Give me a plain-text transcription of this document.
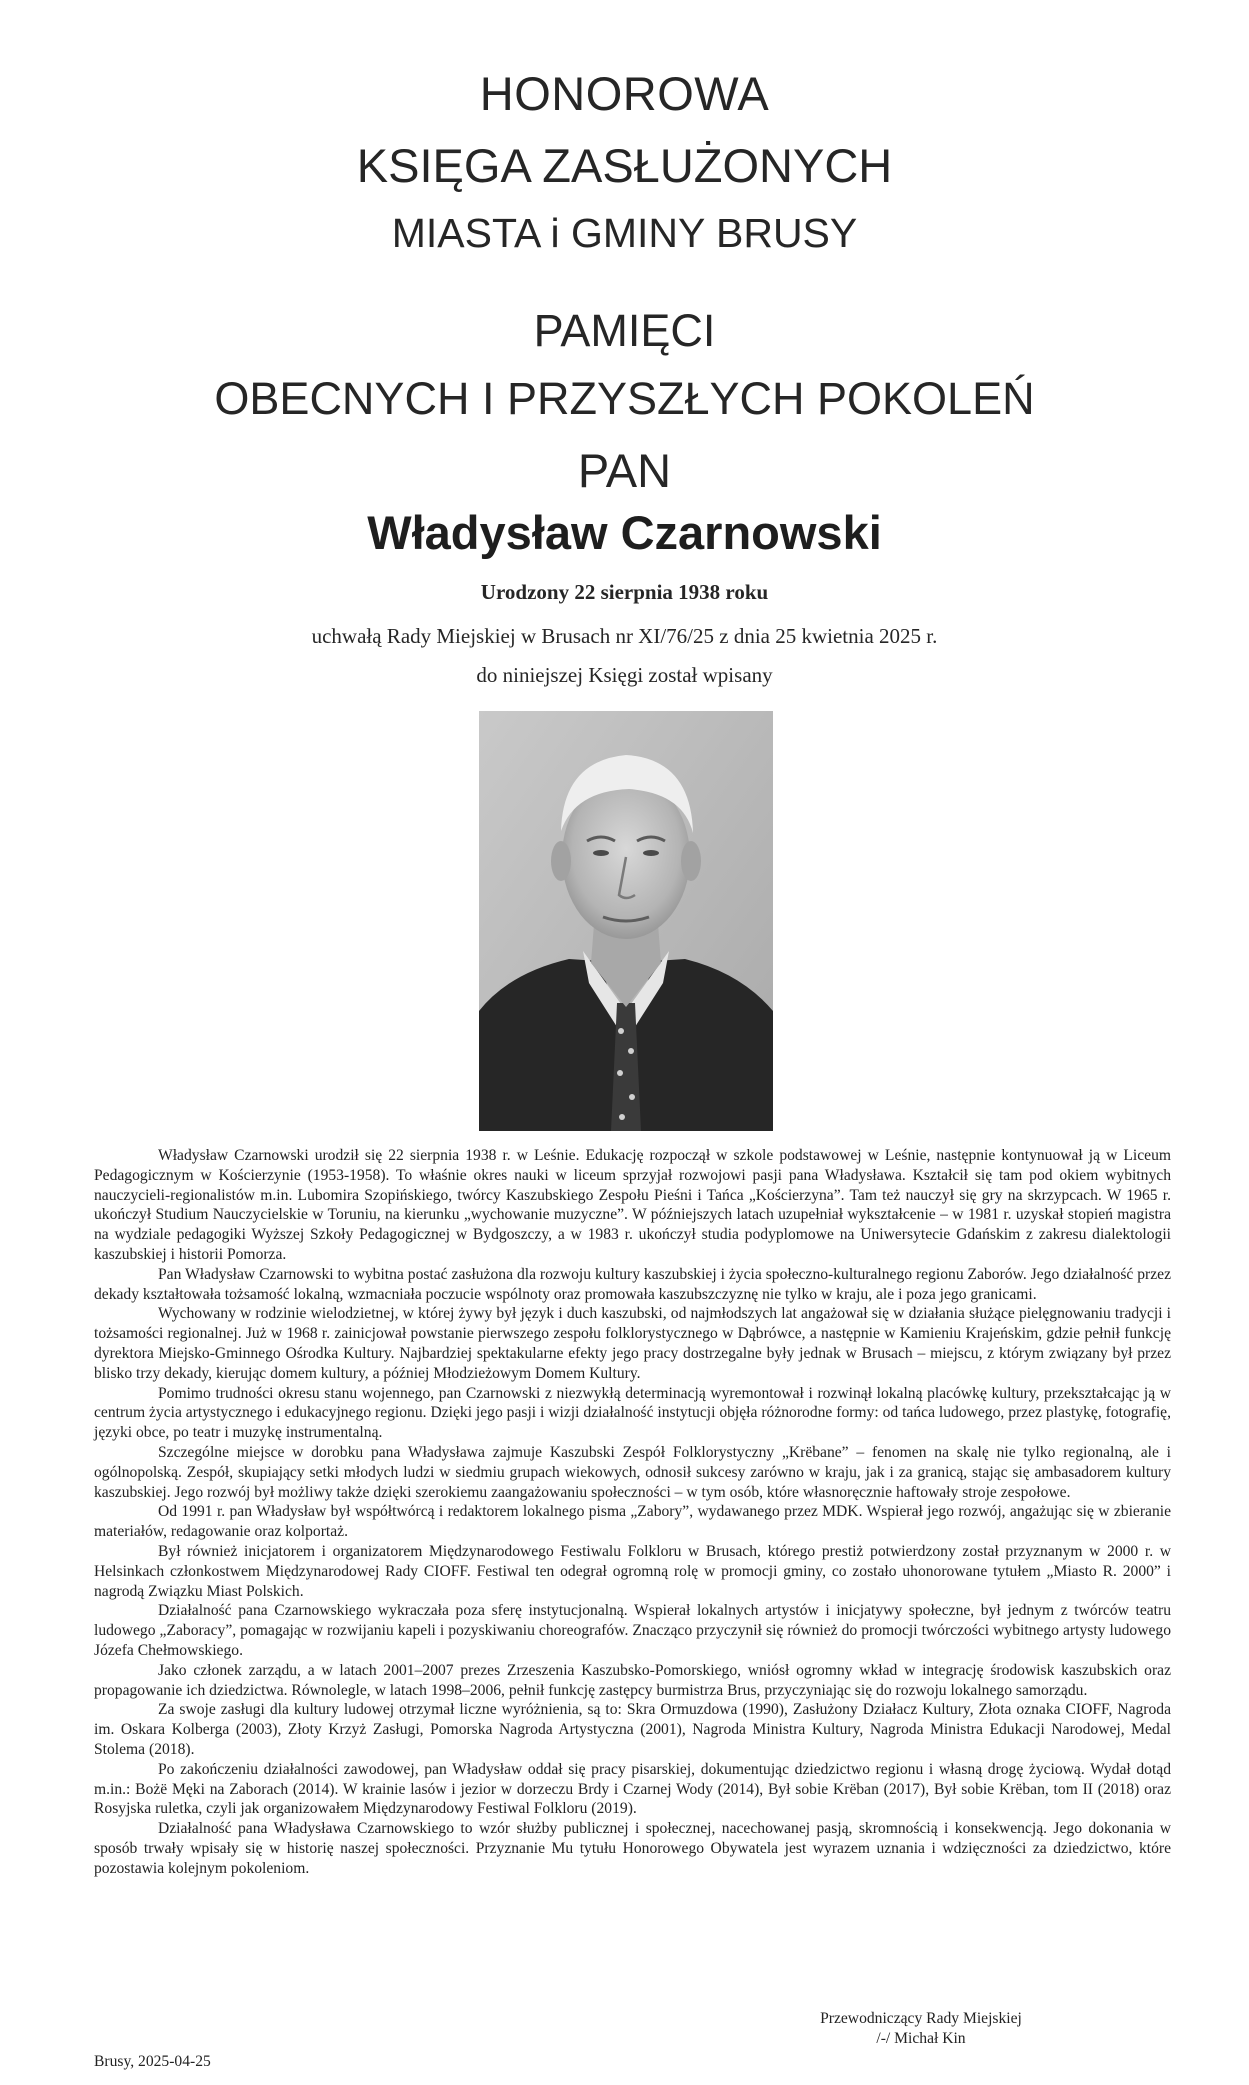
HONOROWA
KSIĘGA ZASŁUŻONYCH
MIASTA i GMINY BRUSY
PAMIĘCI
OBECNYCH I PRZYSZŁYCH POKOLEŃ
PAN
Władysław Czarnowski
Urodzony 22 sierpnia 1938 roku
uchwałą Rady Miejskiej w Brusach nr XI/76/25 z dnia 25 kwietnia 2025 r.
do niniejszej Księgi został wpisany

Władysław Czarnowski urodził się 22 sierpnia 1938 r. w Leśnie. Edukację rozpoczął w szkole podstawowej w Leśnie, następnie kontynuował ją w Liceum Pedagogicznym w Kościerzynie (1953-1958). To właśnie okres nauki w liceum sprzyjał rozwojowi pasji pana Władysława. Kształcił się tam pod okiem wybitnych nauczycieli-regionalistów m.in. Lubomira Szopińskiego, twórcy Kaszubskiego Zespołu Pieśni i Tańca „Kościerzyna”. Tam też nauczył się gry na skrzypcach. W 1965 r. ukończył Studium Nauczycielskie w Toruniu, na kierunku „wychowanie muzyczne”. W późniejszych latach uzupełniał wykształcenie – w 1981 r. uzyskał stopień magistra na wydziale pedagogiki Wyższej Szkoły Pedagogicznej w Bydgoszczy, a w 1983 r. ukończył studia podyplomowe na Uniwersytecie Gdańskim z zakresu dialektologii kaszubskiej i historii Pomorza.

Pan Władysław Czarnowski to wybitna postać zasłużona dla rozwoju kultury kaszubskiej i życia społeczno-kulturalnego regionu Zaborów. Jego działalność przez dekady kształtowała tożsamość lokalną, wzmacniała poczucie wspólnoty oraz promowała kaszubszczyznę nie tylko w kraju, ale i poza jego granicami.

Wychowany w rodzinie wielodzietnej, w której żywy był język i duch kaszubski, od najmłodszych lat angażował się w działania służące pielęgnowaniu tradycji i tożsamości regionalnej. Już w 1968 r. zainicjował powstanie pierwszego zespołu folklorystycznego w Dąbrówce, a następnie w Kamieniu Krajeńskim, gdzie pełnił funkcję dyrektora Miejsko-Gminnego Ośrodka Kultury. Najbardziej spektakularne efekty jego pracy dostrzegalne były jednak w Brusach – miejscu, z którym związany był przez blisko trzy dekady, kierując domem kultury, a później Młodzieżowym Domem Kultury.

Pomimo trudności okresu stanu wojennego, pan Czarnowski z niezwykłą determinacją wyremontował i rozwinął lokalną placówkę kultury, przekształcając ją w centrum życia artystycznego i edukacyjnego regionu. Dzięki jego pasji i wizji działalność instytucji objęła różnorodne formy: od tańca ludowego, przez plastykę, fotografię, języki obce, po teatr i muzykę instrumentalną.

Szczególne miejsce w dorobku pana Władysława zajmuje Kaszubski Zespół Folklorystyczny „Krëbane” – fenomen na skalę nie tylko regionalną, ale i ogólnopolską. Zespół, skupiający setki młodych ludzi w siedmiu grupach wiekowych, odnosił sukcesy zarówno w kraju, jak i za granicą, stając się ambasadorem kultury kaszubskiej. Jego rozwój był możliwy także dzięki szerokiemu zaangażowaniu społeczności – w tym osób, które własnoręcznie haftowały stroje zespołowe.

Od 1991 r. pan Władysław był współtwórcą i redaktorem lokalnego pisma „Zabory”, wydawanego przez MDK. Wspierał jego rozwój, angażując się w zbieranie materiałów, redagowanie oraz kolportaż.

Był również inicjatorem i organizatorem Międzynarodowego Festiwalu Folkloru w Brusach, którego prestiż potwierdzony został przyznanym w 2000 r. w Helsinkach członkostwem Międzynarodowej Rady CIOFF. Festiwal ten odegrał ogromną rolę w promocji gminy, co zostało uhonorowane tytułem „Miasto R. 2000” i nagrodą Związku Miast Polskich.

Działalność pana Czarnowskiego wykraczała poza sferę instytucjonalną. Wspierał lokalnych artystów i inicjatywy społeczne, był jednym z twórców teatru ludowego „Zaboracy”, pomagając w rozwijaniu kapeli i pozyskiwaniu choreografów. Znacząco przyczynił się również do promocji twórczości wybitnego artysty ludowego Józefa Chełmowskiego.

Jako członek zarządu, a w latach 2001–2007 prezes Zrzeszenia Kaszubsko-Pomorskiego, wniósł ogromny wkład w integrację środowisk kaszubskich oraz propagowanie ich dziedzictwa. Równolegle, w latach 1998–2006, pełnił funkcję zastępcy burmistrza Brus, przyczyniając się do rozwoju lokalnego samorządu.

Za swoje zasługi dla kultury ludowej otrzymał liczne wyróżnienia, są to: Skra Ormuzdowa (1990), Zasłużony Działacz Kultury, Złota oznaka CIOFF, Nagroda im. Oskara Kolberga (2003), Złoty Krzyż Zasługi, Pomorska Nagroda Artystyczna (2001), Nagroda Ministra Kultury, Nagroda Ministra Edukacji Narodowej, Medal Stolema (2018).

Po zakończeniu działalności zawodowej, pan Władysław oddał się pracy pisarskiej, dokumentując dziedzictwo regionu i własną drogę życiową. Wydał dotąd m.in.: Bożë Męki na Zaborach (2014). W krainie lasów i jezior w dorzeczu Brdy i Czarnej Wody (2014), Był sobie Krëban (2017), Był sobie Krëban, tom II (2018) oraz Rosyjska ruletka, czyli jak organizowałem Międzynarodowy Festiwal Folkloru (2019).

Działalność pana Władysława Czarnowskiego to wzór służby publicznej i społecznej, nacechowanej pasją, skromnością i konsekwencją. Jego dokonania w sposób trwały wpisały się w historię naszej społeczności. Przyznanie Mu tytułu Honorowego Obywatela jest wyrazem uznania i wdzięczności za dziedzictwo, które pozostawia kolejnym pokoleniom.

Przewodniczący Rady Miejskiej
/-/ Michał Kin
Brusy, 2025-04-25
